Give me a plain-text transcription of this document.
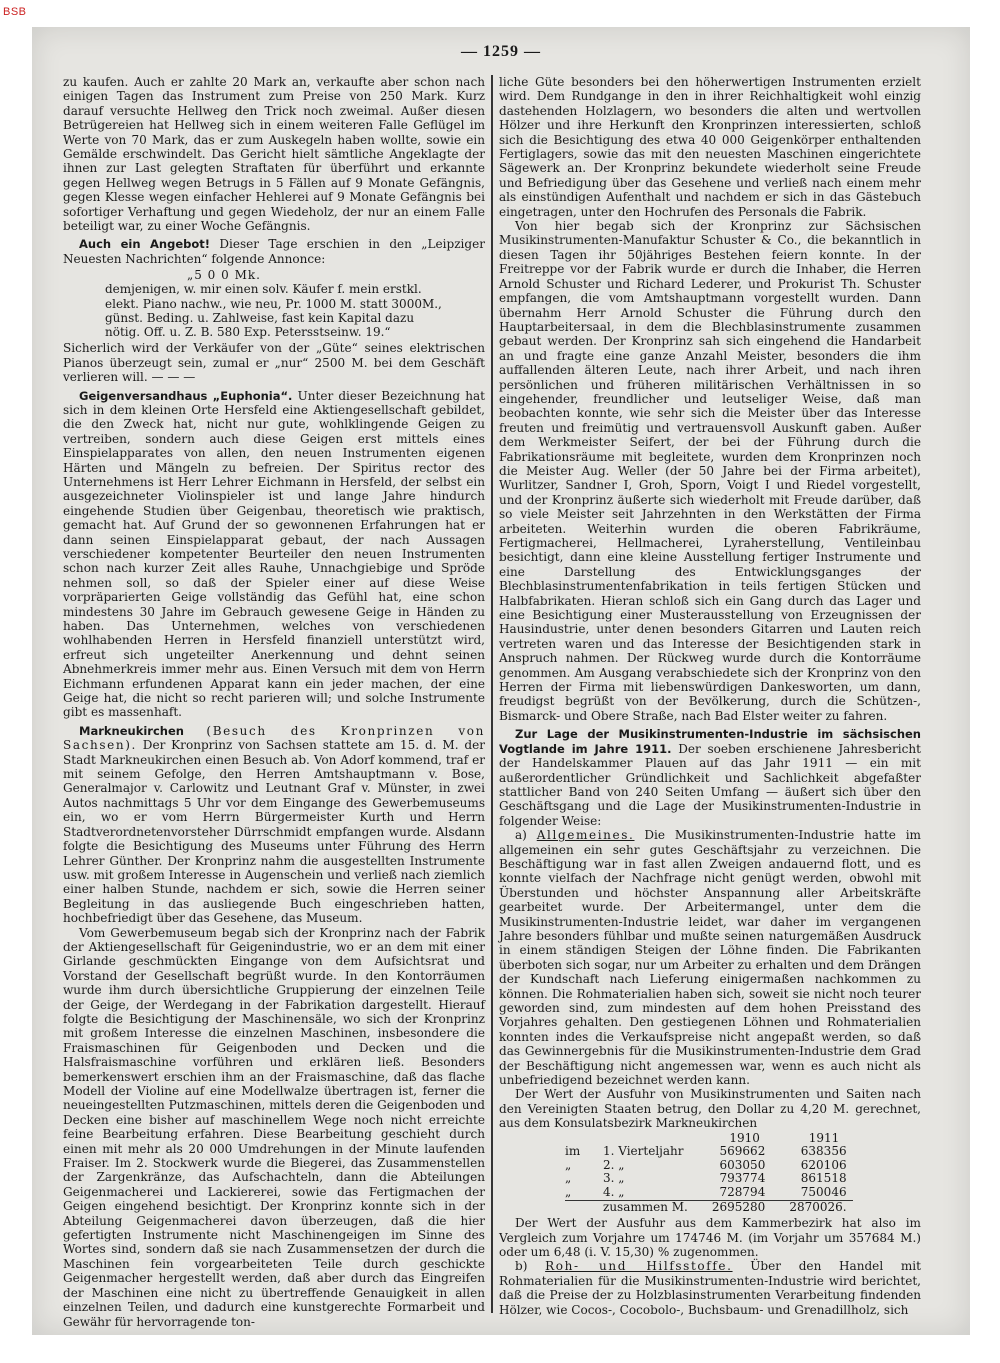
BSB
— 1259 —

zu kaufen. Auch er zahlte 20 Mark an, verkaufte aber schon nach einigen Tagen das Instrument zum Preise von 250 Mark. Kurz darauf versuchte Hellweg den Trick noch zweimal. Außer diesen Betrügereien hat Hellweg sich in einem weiteren Falle Geflügel im Werte von 70 Mark, das er zum Auskegeln haben wollte, sowie ein Gemälde erschwindelt. Das Gericht hielt sämtliche Angeklagte der ihnen zur Last gelegten Straftaten für überführt und erkannte gegen Hellweg wegen Betrugs in 5 Fällen auf 9 Monate Gefängnis, gegen Klesse wegen einfacher Hehlerei auf 9 Monate Gefängnis bei sofortiger Verhaftung und gegen Wiedeholz, der nur an einem Falle beteiligt war, zu einer Woche Gefängnis.

Auch ein Angebot! Dieser Tage erschien in den „Leipziger Neuesten Nachrichten“ folgende Annonce:

„5 0 0 Mk.
demjenigen, w. mir einen solv. Käufer f. mein erstkl.
elekt. Piano nachw., wie neu, Pr. 1000 M. statt 3000M.,
günst. Beding. u. Zahlweise, fast kein Kapital dazu
nötig. Off. u. Z. B. 580 Exp. Petersstseinw. 19.“

Sicherlich wird der Verkäufer von der „Güte“ seines elektrischen Pianos überzeugt sein, zumal er „nur“ 2500 M. bei dem Geschäft verlieren will. — — —

Geigenversandhaus „Euphonia“. Unter dieser Bezeichnung hat sich in dem kleinen Orte Hersfeld eine Aktiengesellschaft gebildet, die den Zweck hat, nicht nur gute, wohlklingende Geigen zu vertreiben, sondern auch diese Geigen erst mittels eines Einspielapparates von allen, den neuen Instrumenten eigenen Härten und Mängeln zu befreien. Der Spiritus rector des Unternehmens ist Herr Lehrer Eichmann in Hersfeld, der selbst ein ausgezeichneter Violinspieler ist und lange Jahre hindurch eingehende Studien über Geigenbau, theoretisch wie praktisch, gemacht hat. Auf Grund der so gewonnenen Erfahrungen hat er dann seinen Einspielapparat gebaut, der nach Aussagen verschiedener kompetenter Beurteiler den neuen Instrumenten schon nach kurzer Zeit alles Rauhe, Unnachgiebige und Spröde nehmen soll, so daß der Spieler einer auf diese Weise vorpräparierten Geige vollständig das Gefühl hat, eine schon mindestens 30 Jahre im Gebrauch gewesene Geige in Händen zu haben. Das Unternehmen, welches von verschiedenen wohlhabenden Herren in Hersfeld finanziell unterstützt wird, erfreut sich ungeteilter Anerkennung und dehnt seinen Abnehmerkreis immer mehr aus. Einen Versuch mit dem von Herrn Eichmann erfundenen Apparat kann ein jeder machen, der eine Geige hat, die nicht so recht parieren will; und solche Instrumente gibt es massenhaft.

Markneukirchen (Besuch des Kronprinzen von Sachsen). Der Kronprinz von Sachsen stattete am 15. d. M. der Stadt Markneukirchen einen Besuch ab. Von Adorf kommend, traf er mit seinem Gefolge, den Herren Amtshauptmann v. Bose, Generalmajor v. Carlowitz und Leutnant Graf v. Münster, in zwei Autos nachmittags 5 Uhr vor dem Eingange des Gewerbemuseums ein, wo er vom Herrn Bürgermeister Kurth und Herrn Stadtverordnetenvorsteher Dürrschmidt empfangen wurde. Alsdann folgte die Besichtigung des Museums unter Führung des Herrn Lehrer Günther. Der Kronprinz nahm die ausgestellten Instrumente usw. mit großem Interesse in Augenschein und verließ nach ziemlich einer halben Stunde, nachdem er sich, sowie die Herren seiner Begleitung in das ausliegende Buch eingeschrieben hatten, hochbefriedigt über das Gesehene, das Museum.

Vom Gewerbemuseum begab sich der Kronprinz nach der Fabrik der Aktiengesellschaft für Geigenindustrie, wo er an dem mit einer Girlande geschmückten Eingange von dem Aufsichtsrat und Vorstand der Gesellschaft begrüßt wurde. In den Kontorräumen wurde ihm durch übersichtliche Gruppierung der einzelnen Teile der Geige, der Werdegang in der Fabrikation dargestellt. Hierauf folgte die Besichtigung der Maschinensäle, wo sich der Kronprinz mit großem Interesse die einzelnen Maschinen, insbesondere die Fraismaschinen für Geigenboden und Decken und die Halsfraismaschine vorführen und erklären ließ. Besonders bemerkenswert erschien ihm an der Fraismaschine, daß das flache Modell der Violine auf eine Modellwalze übertragen ist, ferner die neueingestellten Putzmaschinen, mittels deren die Geigenboden und Decken eine bisher auf maschinellem Wege noch nicht erreichte feine Bearbeitung erfahren. Diese Bearbeitung geschieht durch einen mit mehr als 20 000 Umdrehungen in der Minute laufenden Fraiser. Im 2. Stockwerk wurde die Biegerei, das Zusammenstellen der Zargenkränze, das Aufschachteln, dann die Abteilungen Geigenmacherei und Lackiererei, sowie das Fertigmachen der Geigen eingehend besichtigt. Der Kronprinz konnte sich in der Abteilung Geigenmacherei davon überzeugen, daß die hier gefertigten Instrumente nicht Maschinengeigen im Sinne des Wortes sind, sondern daß sie nach Zusammensetzen der durch die Maschinen fein vorgearbeiteten Teile durch geschickte Geigenmacher hergestellt werden, daß aber durch das Eingreifen der Maschinen eine nicht zu übertreffende Genauigkeit in allen einzelnen Teilen, und dadurch eine kunstgerechte Formarbeit und Gewähr für hervorragende ton-

liche Güte besonders bei den höherwertigen Instrumenten erzielt wird. Dem Rundgange in den in ihrer Reichhaltigkeit wohl einzig dastehenden Holzlagern, wo besonders die alten und wertvollen Hölzer und ihre Herkunft den Kronprinzen interessierten, schloß sich die Besichtigung des etwa 40 000 Geigenkörper enthaltenden Fertiglagers, sowie das mit den neuesten Maschinen eingerichtete Sägewerk an. Der Kronprinz bekundete wiederholt seine Freude und Befriedigung über das Gesehene und verließ nach einem mehr als einstündigen Aufenthalt und nachdem er sich in das Gästebuch eingetragen, unter den Hochrufen des Personals die Fabrik.

Von hier begab sich der Kronprinz zur Sächsischen Musikinstrumenten-Manufaktur Schuster & Co., die bekanntlich in diesen Tagen ihr 50jähriges Bestehen feiern konnte. In der Freitreppe vor der Fabrik wurde er durch die Inhaber, die Herren Arnold Schuster und Richard Lederer, und Prokurist Th. Schuster empfangen, die vom Amtshauptmann vorgestellt wurden. Dann übernahm Herr Arnold Schuster die Führung durch den Hauptarbeitersaal, in dem die Blechblasinstrumente zusammen gebaut werden. Der Kronprinz sah sich eingehend die Handarbeit an und fragte eine ganze Anzahl Meister, besonders die ihm auffallenden älteren Leute, nach ihrer Arbeit, und nach ihren persönlichen und früheren militärischen Verhältnissen in so eingehender, freundlicher und leutseliger Weise, daß man beobachten konnte, wie sehr sich die Meister über das Interesse freuten und freimütig und vertrauensvoll Auskunft gaben. Außer dem Werkmeister Seifert, der bei der Führung durch die Fabrikationsräume mit begleitete, wurden dem Kronprinzen noch die Meister Aug. Weller (der 50 Jahre bei der Firma arbeitet), Wurlitzer, Sandner I, Groh, Sporn, Voigt I und Riedel vorgestellt, und der Kronprinz äußerte sich wiederholt mit Freude darüber, daß so viele Meister seit Jahrzehnten in den Werkstätten der Firma arbeiteten. Weiterhin wurden die oberen Fabrikräume, Fertigmacherei, Hellmacherei, Lyraherstellung, Ventileinbau besichtigt, dann eine kleine Ausstellung fertiger Instrumente und eine Darstellung des Entwicklungsganges der Blechblasinstrumentenfabrikation in teils fertigen Stücken und Halbfabrikaten. Hieran schloß sich ein Gang durch das Lager und eine Besichtigung einer Musterausstellung von Erzeugnissen der Hausindustrie, unter denen besonders Gitarren und Lauten reich vertreten waren und das Interesse der Besichtigenden stark in Anspruch nahmen. Der Rückweg wurde durch die Kontorräume genommen. Am Ausgang verabschiedete sich der Kronprinz von den Herren der Firma mit liebenswürdigen Dankesworten, um dann, freudigst begrüßt von der Bevölkerung, durch die Schützen-, Bismarck- und Obere Straße, nach Bad Elster weiter zu fahren.

Zur Lage der Musikinstrumenten-Industrie im sächsischen Vogtlande im Jahre 1911. Der soeben erschienene Jahresbericht der Handelskammer Plauen auf das Jahr 1911 — ein mit außerordentlicher Gründlichkeit und Sachlichkeit abgefaßter stattlicher Band von 240 Seiten Umfang — äußert sich über den Geschäftsgang und die Lage der Musikinstrumenten-Industrie in folgender Weise:

a) Allgemeines. Die Musikinstrumenten-Industrie hatte im allgemeinen ein sehr gutes Geschäftsjahr zu verzeichnen. Die Beschäftigung war in fast allen Zweigen andauernd flott, und es konnte vielfach der Nachfrage nicht genügt werden, obwohl mit Überstunden und höchster Anspannung aller Arbeitskräfte gearbeitet wurde. Der Arbeitermangel, unter dem die Musikinstrumenten-Industrie leidet, war daher im vergangenen Jahre besonders fühlbar und mußte seinen naturgemäßen Ausdruck in einem ständigen Steigen der Löhne finden. Die Fabrikanten überboten sich sogar, nur um Arbeiter zu erhalten und dem Drängen der Kundschaft nach Lieferung einigermaßen nachkommen zu können. Die Rohmaterialien haben sich, soweit sie nicht noch teurer geworden sind, zum mindesten auf dem hohen Preisstand des Vorjahres gehalten. Den gestiegenen Löhnen und Rohmaterialien konnten indes die Verkaufspreise nicht angepaßt werden, so daß das Gewinnergebnis für die Musikinstrumenten-Industrie dem Grad der Beschäftigung nicht angemessen war, wenn es auch nicht als unbefriedigend bezeichnet werden kann.

Der Wert der Ausfuhr von Musikinstrumenten und Saiten nach den Vereinigten Staaten betrug, den Dollar zu 4,20 M. gerechnet, aus dem Konsulatsbezirk Markneukirchen

		1910	1911
im	1. Vierteljahr	569662	638356
„	2. „	603050	620106
„	3. „	793774	861518
„	4. „	728794	750046
	zusammen M.	2695280	2870026.

Der Wert der Ausfuhr aus dem Kammerbezirk hat also im Vergleich zum Vorjahre um 174746 M. (im Vorjahr um 357684 M.) oder um 6,48 (i. V. 15,30) % zugenommen.

b) Roh- und Hilfsstoffe. Über den Handel mit Rohmaterialien für die Musikinstrumenten-Industrie wird berichtet, daß die Preise der zu Holzblasinstrumenten Verarbeitung findenden Hölzer, wie Cocos-, Cocobolo-, Buchsbaum- und Grenadillholz, sich
